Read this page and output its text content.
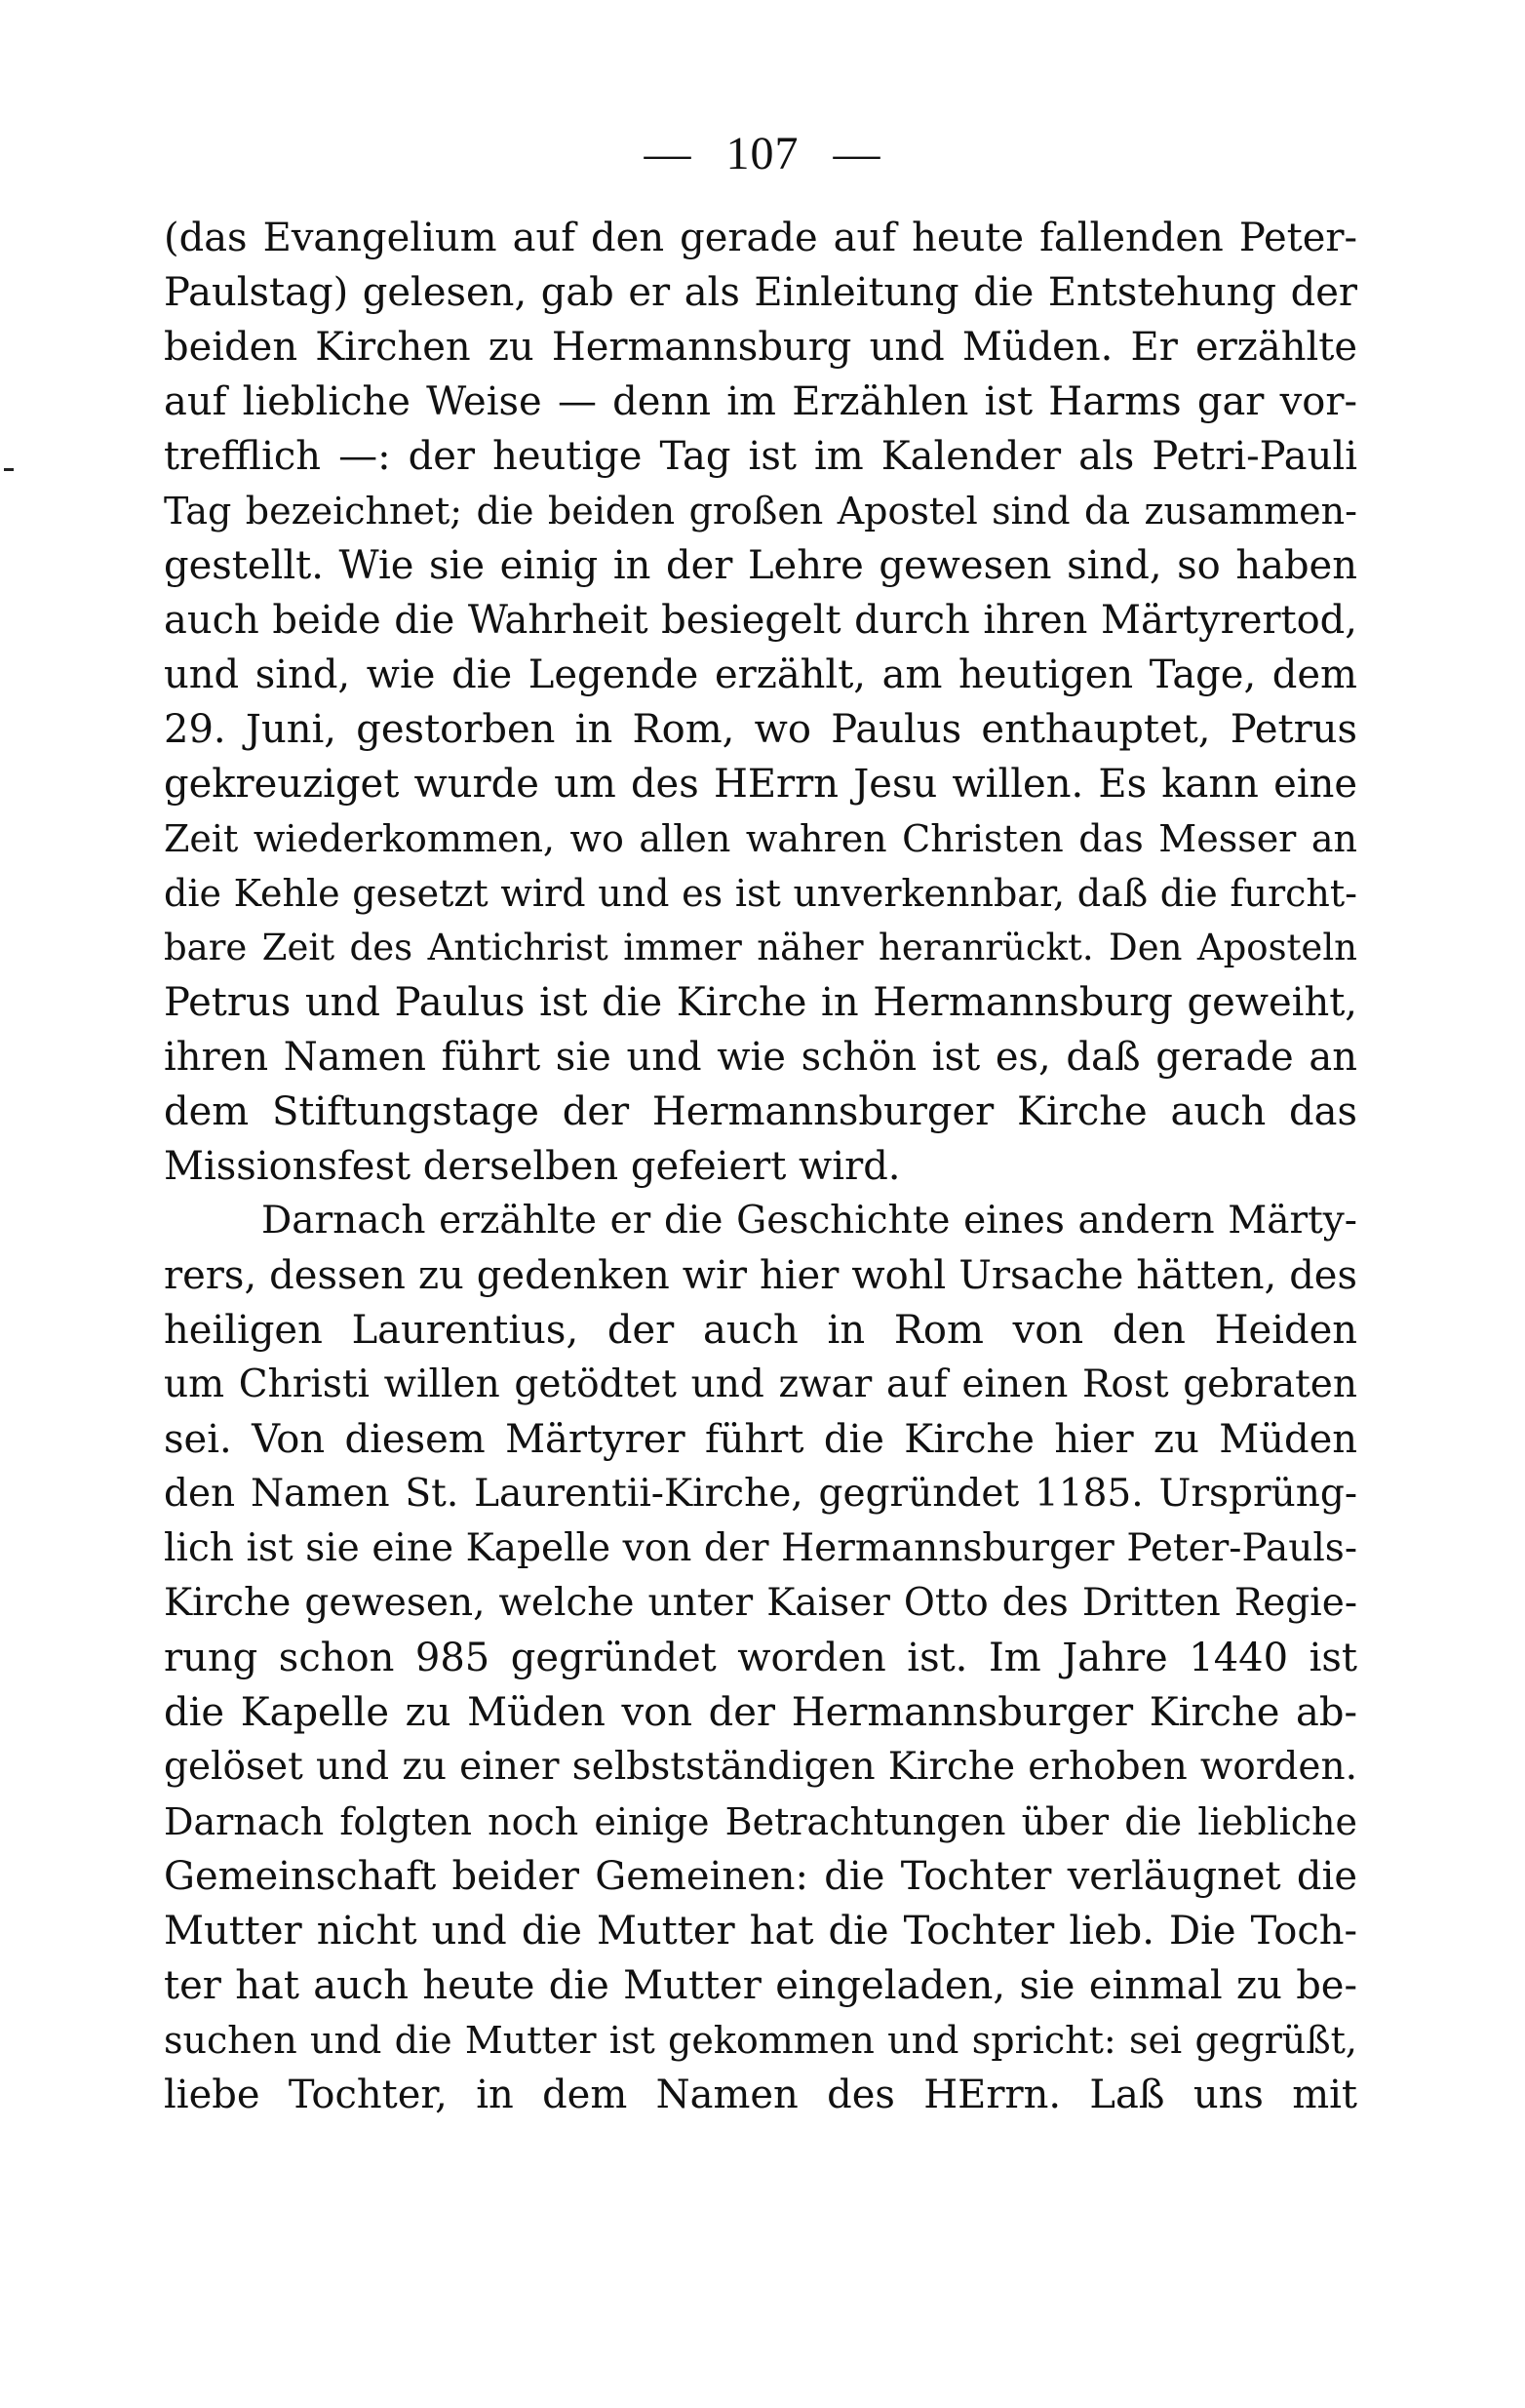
— 107 —
(das Evangelium auf den gerade auf heute fallenden Peter-
Paulstag) gelesen, gab er als Einleitung die Entstehung der
beiden Kirchen zu Hermannsburg und Müden. Er erzählte
auf liebliche Weise — denn im Erzählen ist Harms gar vor-
trefflich —: der heutige Tag ist im Kalender als Petri-Pauli
Tag bezeichnet; die beiden großen Apostel sind da zusammen-
gestellt. Wie sie einig in der Lehre gewesen sind, so haben
auch beide die Wahrheit besiegelt durch ihren Märtyrertod,
und sind, wie die Legende erzählt, am heutigen Tage, dem
29. Juni, gestorben in Rom, wo Paulus enthauptet, Petrus
gekreuziget wurde um des HErrn Jesu willen. Es kann eine
Zeit wiederkommen, wo allen wahren Christen das Messer an
die Kehle gesetzt wird und es ist unverkennbar, daß die furcht-
bare Zeit des Antichrist immer näher heranrückt. Den Aposteln
Petrus und Paulus ist die Kirche in Hermannsburg geweiht,
ihren Namen führt sie und wie schön ist es, daß gerade an
dem Stiftungstage der Hermannsburger Kirche auch das
Missionsfest derselben gefeiert wird.
Darnach erzählte er die Geschichte eines andern Märty-
rers, dessen zu gedenken wir hier wohl Ursache hätten, des
heiligen Laurentius, der auch in Rom von den Heiden
um Christi willen getödtet und zwar auf einen Rost gebraten
sei. Von diesem Märtyrer führt die Kirche hier zu Müden
den Namen St. Laurentii-Kirche, gegründet 1185. Ursprüng-
lich ist sie eine Kapelle von der Hermannsburger Peter-Pauls-
Kirche gewesen, welche unter Kaiser Otto des Dritten Regie-
rung schon 985 gegründet worden ist. Im Jahre 1440 ist
die Kapelle zu Müden von der Hermannsburger Kirche ab-
gelöset und zu einer selbstständigen Kirche erhoben worden.
Darnach folgten noch einige Betrachtungen über die liebliche
Gemeinschaft beider Gemeinen: die Tochter verläugnet die
Mutter nicht und die Mutter hat die Tochter lieb. Die Toch-
ter hat auch heute die Mutter eingeladen, sie einmal zu be-
suchen und die Mutter ist gekommen und spricht: sei gegrüßt,
liebe Tochter, in dem Namen des HErrn. Laß uns mit
